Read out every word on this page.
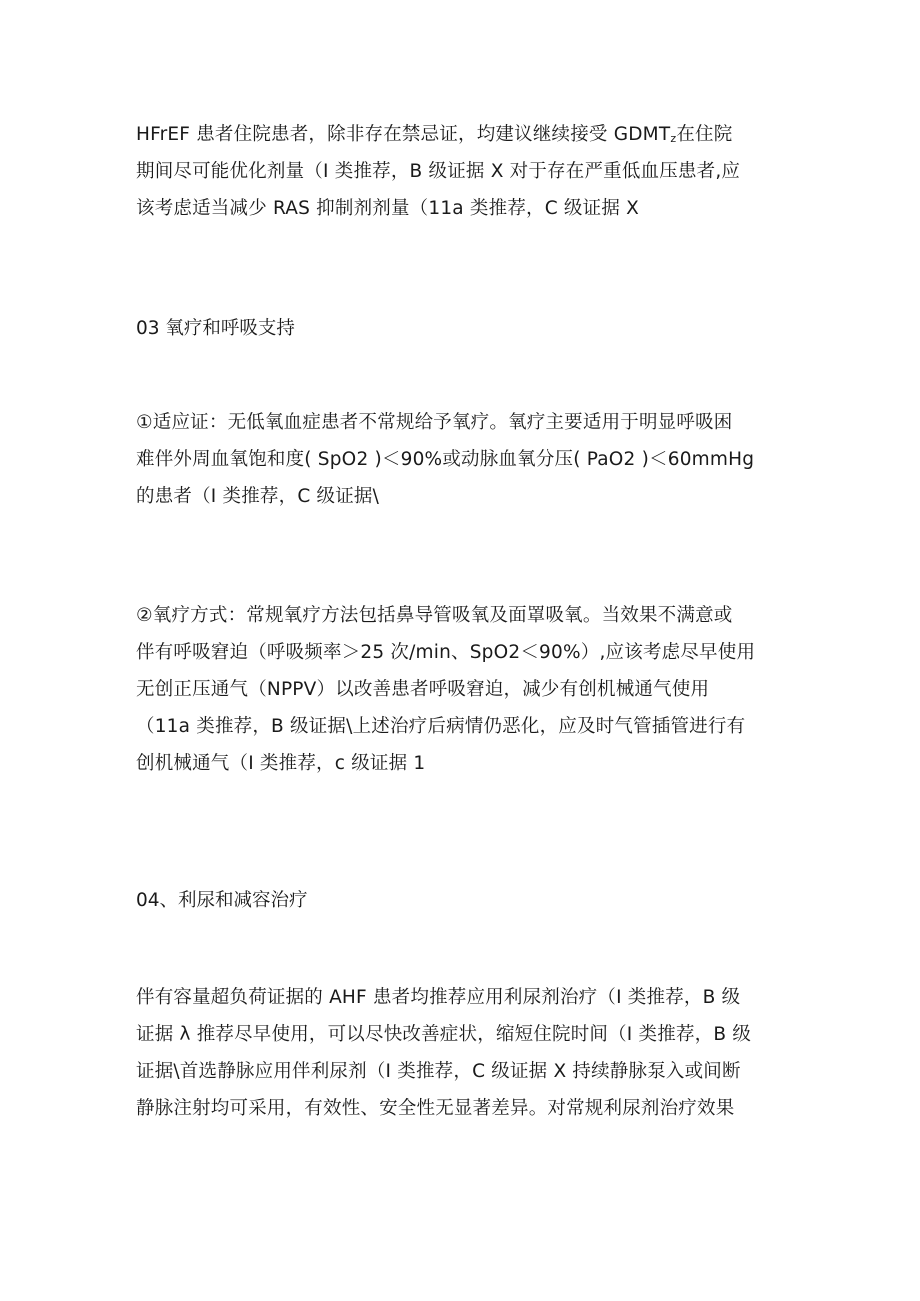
HFrEF 患者住院患者，除非存在禁忌证，均建议继续接受 $GDMT_z$在住院
期间尽可能优化剂量（I 类推荐，B 级证据 X 对于存在严重低血压患者,应
该考虑适当减少 RAS 抑制剂剂量（11a 类推荐，C 级证据 X

03 氧疗和呼吸支持

①适应证：无低氧血症患者不常规给予氧疗。氧疗主要适用于明显呼吸困
难伴外周血氧饱和度( SpO2 )＜90%或动脉血氧分压( PaO2 )＜60mmHg
的患者（I 类推荐，C 级证据\

②氧疗方式：常规氧疗方法包括鼻导管吸氧及面罩吸氧。当效果不满意或
伴有呼吸窘迫（呼吸频率＞25 次/min、SpO2＜90%）,应该考虑尽早使用
无创正压通气（NPPV）以改善患者呼吸窘迫，减少有创机械通气使用
（11a 类推荐，B 级证据\上述治疗后病情仍恶化，应及时气管插管进行有
创机械通气（I 类推荐，c 级证据 1

04、利尿和减容治疗

伴有容量超负荷证据的 AHF 患者均推荐应用利尿剂治疗（I 类推荐，B 级
证据 λ 推荐尽早使用，可以尽快改善症状，缩短住院时间（I 类推荐，B 级
证据\首选静脉应用伴利尿剂（I 类推荐，C 级证据 X 持续静脉泵入或间断
静脉注射均可采用，有效性、安全性无显著差异。对常规利尿剂治疗效果
